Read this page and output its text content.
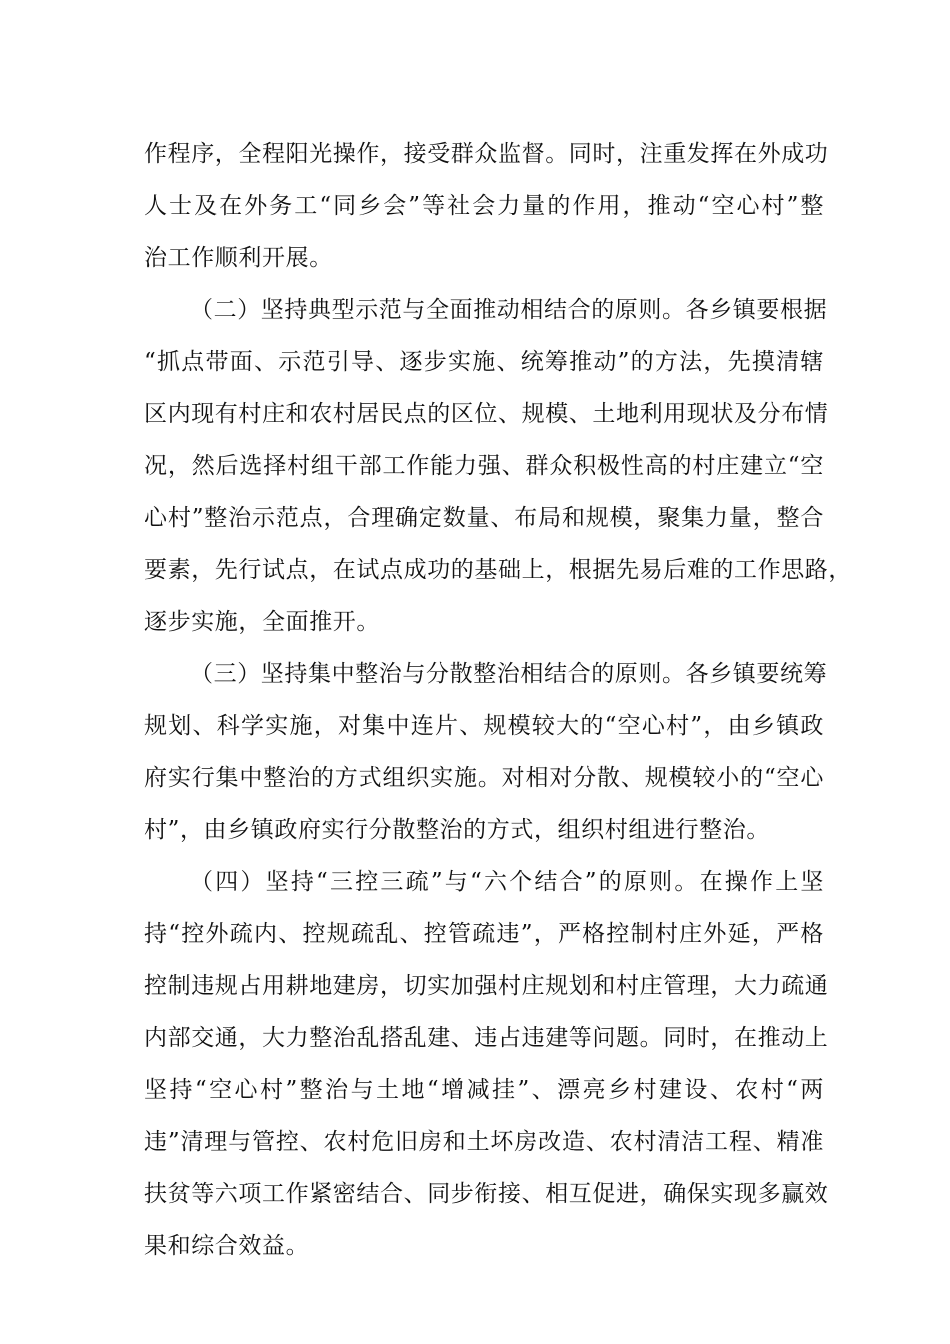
作程序，全程阳光操作，接受群众监督。同时，注重发挥在外成功
人士及在外务工“同乡会”等社会力量的作用，推动“空心村”整
治工作顺利开展。

（二）坚持典型示范与全面推动相结合的原则。各乡镇要根据
“抓点带面、示范引导、逐步实施、统筹推动”的方法，先摸清辖
区内现有村庄和农村居民点的区位、规模、土地利用现状及分布情
况，然后选择村组干部工作能力强、群众积极性高的村庄建立“空
心村”整治示范点，合理确定数量、布局和规模，聚集力量，整合
要素，先行试点，在试点成功的基础上，根据先易后难的工作思路，
逐步实施，全面推开。

（三）坚持集中整治与分散整治相结合的原则。各乡镇要统筹
规划、科学实施，对集中连片、规模较大的“空心村”，由乡镇政
府实行集中整治的方式组织实施。对相对分散、规模较小的“空心
村”，由乡镇政府实行分散整治的方式，组织村组进行整治。

（四）坚持“三控三疏”与“六个结合”的原则。在操作上坚
持“控外疏内、控规疏乱、控管疏违”，严格控制村庄外延，严格
控制违规占用耕地建房，切实加强村庄规划和村庄管理，大力疏通
内部交通，大力整治乱搭乱建、违占违建等问题。同时，在推动上
坚持“空心村”整治与土地“增减挂”、漂亮乡村建设、农村“两
违”清理与管控、农村危旧房和土坏房改造、农村清洁工程、精准
扶贫等六项工作紧密结合、同步衔接、相互促进，确保实现多赢效
果和综合效益。
